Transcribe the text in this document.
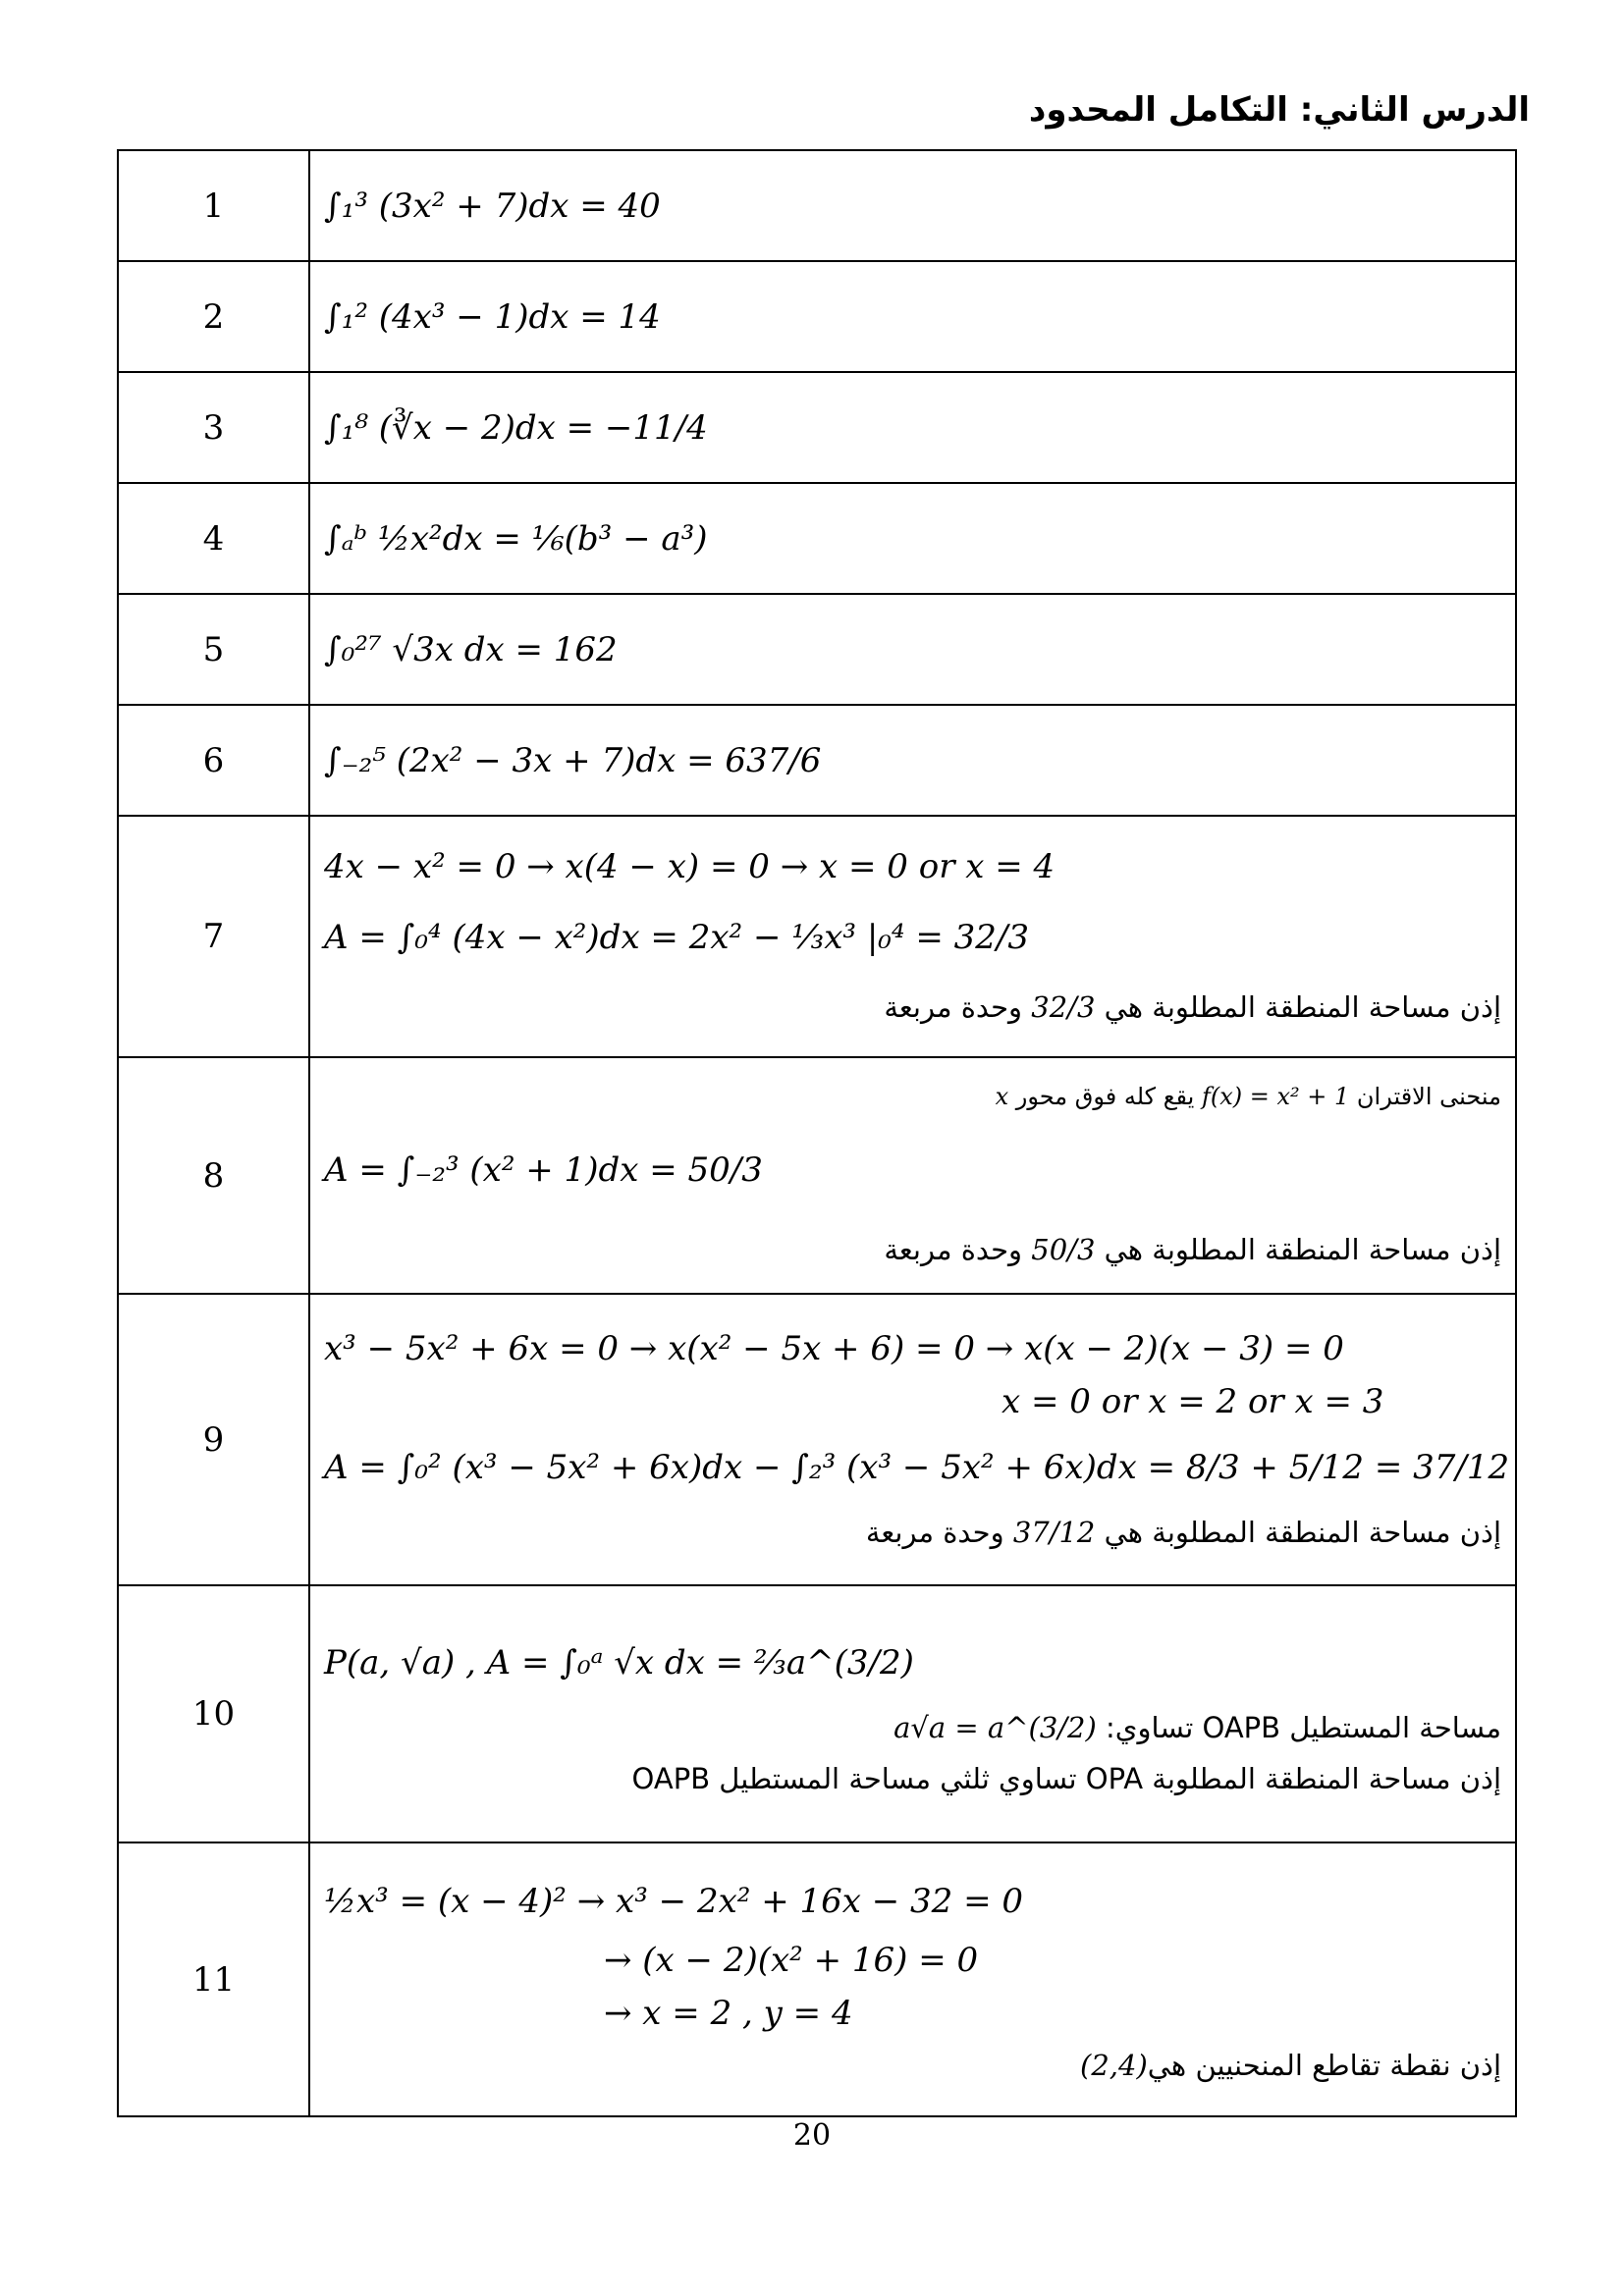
الدرس الثاني: التكامل المحدود
1	∫₁³ (3x² + 7)dx = 40

2	∫₁² (4x³ − 1)dx = 14

3	∫₁⁸ (∛x − 2)dx = −11/4

4	∫ₐᵇ ½x²dx = ⅙(b³ − a³)

5	∫₀²⁷ √3x dx = 162

6	∫₋₂⁵ (2x² − 3x + 7)dx = 637/6

7	4x − x² = 0 → x(4 − x) = 0 → x = 0 or x = 4
A = ∫₀⁴ (4x − x²)dx = 2x² − ⅓x³ |₀⁴ = 32/3
إذن مساحة المنطقة المطلوبة هي 32/3 وحدة مربعة

8	منحنى الاقتران f(x) = x² + 1 يقع كله فوق محور x
A = ∫₋₂³ (x² + 1)dx = 50/3
إذن مساحة المنطقة المطلوبة هي 50/3 وحدة مربعة

9	x³ − 5x² + 6x = 0 → x(x² − 5x + 6) = 0 → x(x − 2)(x − 3) = 0
x = 0 or x = 2 or x = 3
A = ∫₀² (x³ − 5x² + 6x)dx − ∫₂³ (x³ − 5x² + 6x)dx = 8/3 + 5/12 = 37/12
إذن مساحة المنطقة المطلوبة هي 37/12 وحدة مربعة

10	P(a, √a) , A = ∫₀ᵃ √x dx = ⅔a^(3/2)
مساحة المستطيل OAPB تساوي: a√a = a^(3/2)
إذن مساحة المنطقة المطلوبة OPA تساوي ثلثي مساحة المستطيل OAPB

11	½x³ = (x − 4)² → x³ − 2x² + 16x − 32 = 0
→ (x − 2)(x² + 16) = 0
→ x = 2 , y = 4
إذن نقطة تقاطع المنحنيين هي(2,4)
20
